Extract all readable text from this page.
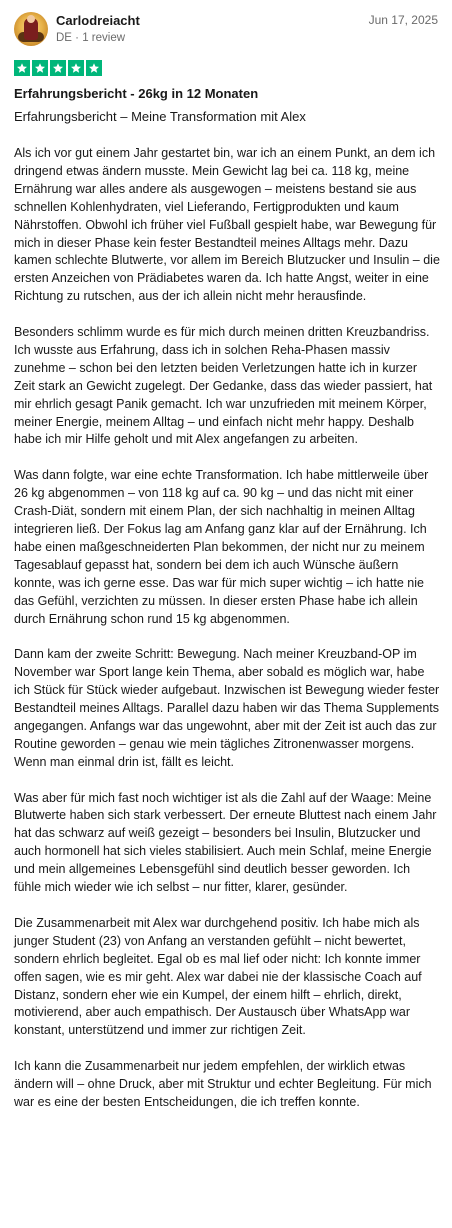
Carlodreiacht
DE · 1 review
Jun 17, 2025
Erfahrungsbericht - 26kg in 12 Monaten
Erfahrungsbericht – Meine Transformation mit Alex

Als ich vor gut einem Jahr gestartet bin, war ich an einem Punkt, an dem ich dringend etwas ändern musste. Mein Gewicht lag bei ca. 118 kg, meine Ernährung war alles andere als ausgewogen – meistens bestand sie aus schnellen Kohlenhydraten, viel Lieferando, Fertigprodukten und kaum Nährstoffen. Obwohl ich früher viel Fußball gespielt habe, war Bewegung für mich in dieser Phase kein fester Bestandteil meines Alltags mehr. Dazu kamen schlechte Blutwerte, vor allem im Bereich Blutzucker und Insulin – die ersten Anzeichen von Prädiabetes waren da. Ich hatte Angst, weiter in eine Richtung zu rutschen, aus der ich allein nicht mehr herausfinde.

Besonders schlimm wurde es für mich durch meinen dritten Kreuzbandriss. Ich wusste aus Erfahrung, dass ich in solchen Reha-Phasen massiv zunehme – schon bei den letzten beiden Verletzungen hatte ich in kurzer Zeit stark an Gewicht zugelegt. Der Gedanke, dass das wieder passiert, hat mir ehrlich gesagt Panik gemacht. Ich war unzufrieden mit meinem Körper, meiner Energie, meinem Alltag – und einfach nicht mehr happy. Deshalb habe ich mir Hilfe geholt und mit Alex angefangen zu arbeiten.

Was dann folgte, war eine echte Transformation. Ich habe mittlerweile über 26 kg abgenommen – von 118 kg auf ca. 90 kg – und das nicht mit einer Crash-Diät, sondern mit einem Plan, der sich nachhaltig in meinen Alltag integrieren ließ. Der Fokus lag am Anfang ganz klar auf der Ernährung. Ich habe einen maßgeschneiderten Plan bekommen, der nicht nur zu meinem Tagesablauf gepasst hat, sondern bei dem ich auch Wünsche äußern konnte, was ich gerne esse. Das war für mich super wichtig – ich hatte nie das Gefühl, verzichten zu müssen. In dieser ersten Phase habe ich allein durch Ernährung schon rund 15 kg abgenommen.

Dann kam der zweite Schritt: Bewegung. Nach meiner Kreuzband-OP im November war Sport lange kein Thema, aber sobald es möglich war, habe ich Stück für Stück wieder aufgebaut. Inzwischen ist Bewegung wieder fester Bestandteil meines Alltags. Parallel dazu haben wir das Thema Supplements angegangen. Anfangs war das ungewohnt, aber mit der Zeit ist auch das zur Routine geworden – genau wie mein tägliches Zitronenwasser morgens. Wenn man einmal drin ist, fällt es leicht.

Was aber für mich fast noch wichtiger ist als die Zahl auf der Waage: Meine Blutwerte haben sich stark verbessert. Der erneute Bluttest nach einem Jahr hat das schwarz auf weiß gezeigt – besonders bei Insulin, Blutzucker und auch hormonell hat sich vieles stabilisiert. Auch mein Schlaf, meine Energie und mein allgemeines Lebensgefühl sind deutlich besser geworden. Ich fühle mich wieder wie ich selbst – nur fitter, klarer, gesünder.

Die Zusammenarbeit mit Alex war durchgehend positiv. Ich habe mich als junger Student (23) von Anfang an verstanden gefühlt – nicht bewertet, sondern ehrlich begleitet. Egal ob es mal lief oder nicht: Ich konnte immer offen sagen, wie es mir geht. Alex war dabei nie der klassische Coach auf Distanz, sondern eher wie ein Kumpel, der einem hilft – ehrlich, direkt, motivierend, aber auch empathisch. Der Austausch über WhatsApp war konstant, unterstützend und immer zur richtigen Zeit.

Ich kann die Zusammenarbeit nur jedem empfehlen, der wirklich etwas ändern will – ohne Druck, aber mit Struktur und echter Begleitung. Für mich war es eine der besten Entscheidungen, die ich treffen konnte.
